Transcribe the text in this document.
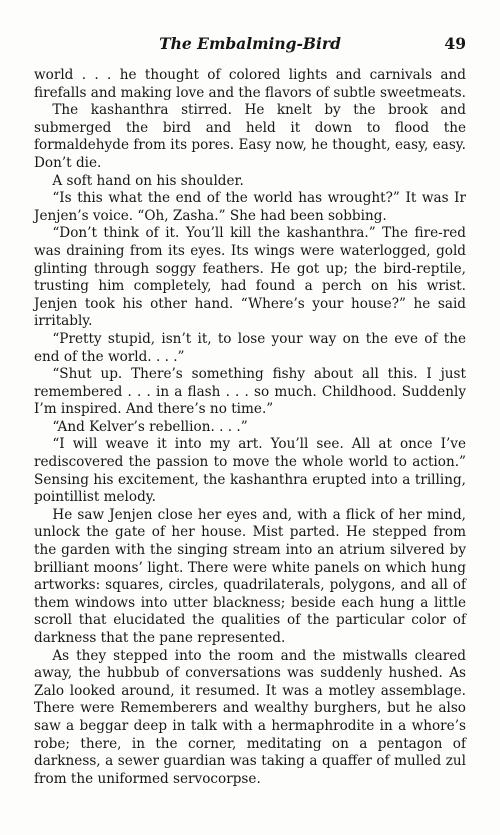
The Embalming-Bird	49

world . . . he thought of colored lights and carnivals and firefalls and making love and the flavors of subtle sweetmeats.

The kashanthra stirred. He knelt by the brook and submerged the bird and held it down to flood the formaldehyde from its pores. Easy now, he thought, easy, easy. Don’t die.

A soft hand on his shoulder.

“Is this what the end of the world has wrought?” It was Ir Jenjen’s voice. “Oh, Zasha.” She had been sobbing.

“Don’t think of it. You’ll kill the kashanthra.” The fire-red was draining from its eyes. Its wings were waterlogged, gold glinting through soggy feathers. He got up; the bird-reptile, trusting him completely, had found a perch on his wrist. Jenjen took his other hand. “Where’s your house?” he said irritably.

“Pretty stupid, isn’t it, to lose your way on the eve of the end of the world. . . .”

“Shut up. There’s something fishy about all this. I just remembered . . . in a flash . . . so much. Childhood. Suddenly I’m inspired. And there’s no time.”

“And Kelver’s rebellion. . . .”

“I will weave it into my art. You’ll see. All at once I’ve rediscovered the passion to move the whole world to action.” Sensing his excitement, the kashanthra erupted into a trilling, pointillist melody.

He saw Jenjen close her eyes and, with a flick of her mind, unlock the gate of her house. Mist parted. He stepped from the garden with the singing stream into an atrium silvered by brilliant moons’ light. There were white panels on which hung artworks: squares, circles, quadrilaterals, polygons, and all of them windows into utter blackness; beside each hung a little scroll that elucidated the qualities of the particular color of darkness that the pane represented.

As they stepped into the room and the mistwalls cleared away, the hubbub of conversations was suddenly hushed. As Zalo looked around, it resumed. It was a motley assemblage. There were Rememberers and wealthy burghers, but he also saw a beggar deep in talk with a hermaphrodite in a whore’s robe; there, in the corner, meditating on a pentagon of darkness, a sewer guardian was taking a quaffer of mulled zul from the uniformed servocorpse.
